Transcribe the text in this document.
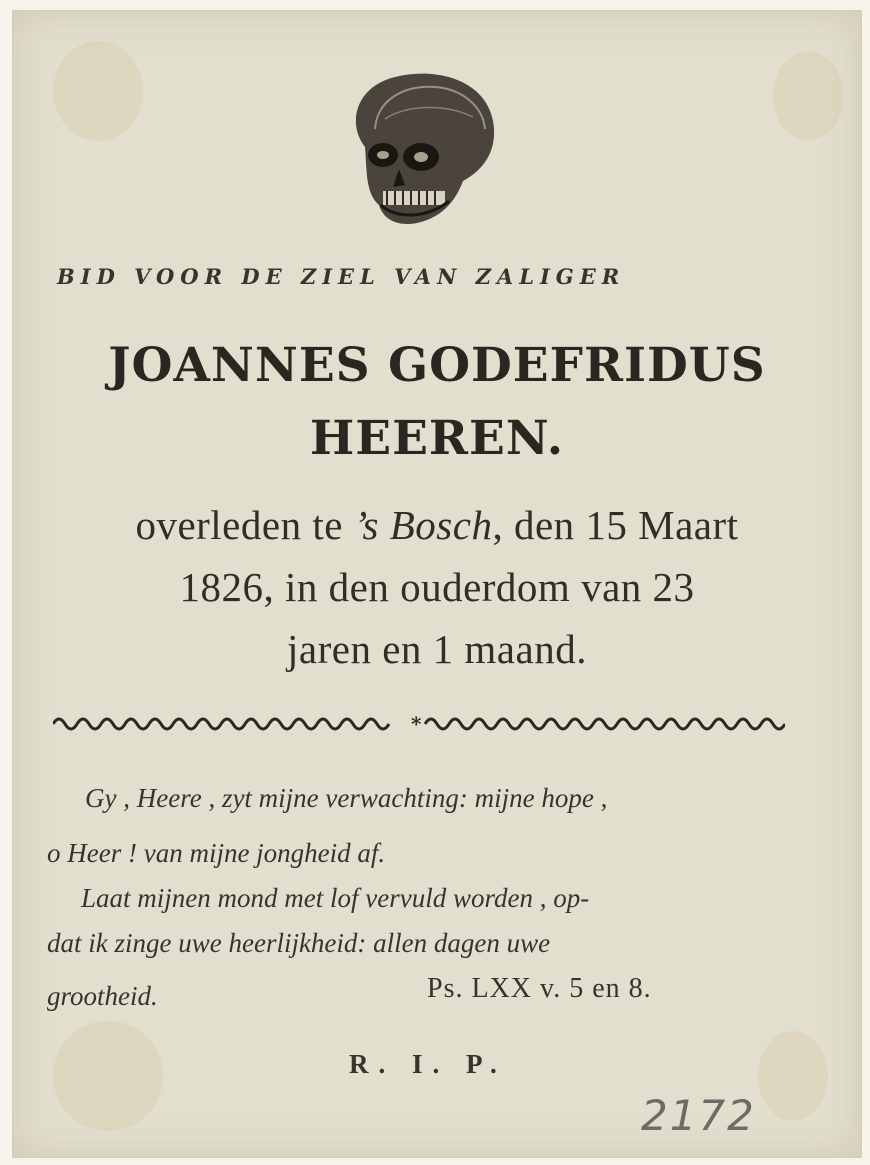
BID VOOR DE ZIEL VAN ZALIGER
JOANNES GODEFRIDUS
HEEREN.
overleden te ’s Bosch, den 15 Maart
1826, in den ouderdom van 23
jaren en 1 maand.
*
Gy , Heere , zyt mijne verwachting: mijne hope ,
o Heer ! van mijne jongheid af.
Laat mijnen mond met lof vervuld worden , op-
dat ik zinge uwe heerlijkheid: allen dagen uwe
grootheid.	Ps. LXX v. 5 en 8.
R. I. P.
2172
